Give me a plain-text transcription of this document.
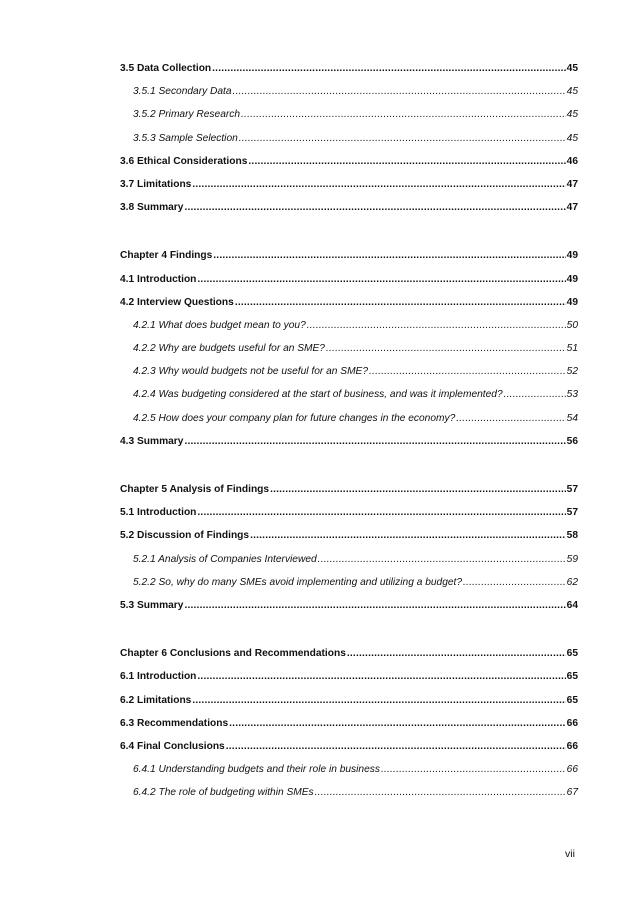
3.5 Data Collection .....	45
3.5.1 Secondary Data .....	45
3.5.2 Primary Research .....	45
3.5.3 Sample Selection .....	45
3.6 Ethical Considerations .....	46
3.7 Limitations .....	47
3.8 Summary .....	47
Chapter 4 Findings .....	49
4.1 Introduction .....	49
4.2 Interview Questions .....	49
4.2.1 What does budget mean to you? .....	50
4.2.2 Why are budgets useful for an SME? .....	51
4.2.3 Why would budgets not be useful for an SME? .....	52
4.2.4 Was budgeting considered at the start of business, and was it implemented? .....	53
4.2.5 How does your company plan for future changes in the economy? .....	54
4.3 Summary .....	56
Chapter 5 Analysis of Findings .....	57
5.1 Introduction .....	57
5.2 Discussion of Findings .....	58
5.2.1 Analysis of Companies Interviewed .....	59
5.2.2 So, why do many SMEs avoid implementing and utilizing a budget? .....	62
5.3 Summary .....	64
Chapter 6 Conclusions and Recommendations .....	65
6.1 Introduction .....	65
6.2 Limitations .....	65
6.3 Recommendations .....	66
6.4 Final Conclusions .....	66
6.4.1 Understanding budgets and their role in business .....	66
6.4.2 The role of budgeting within SMEs .....	67
vii
